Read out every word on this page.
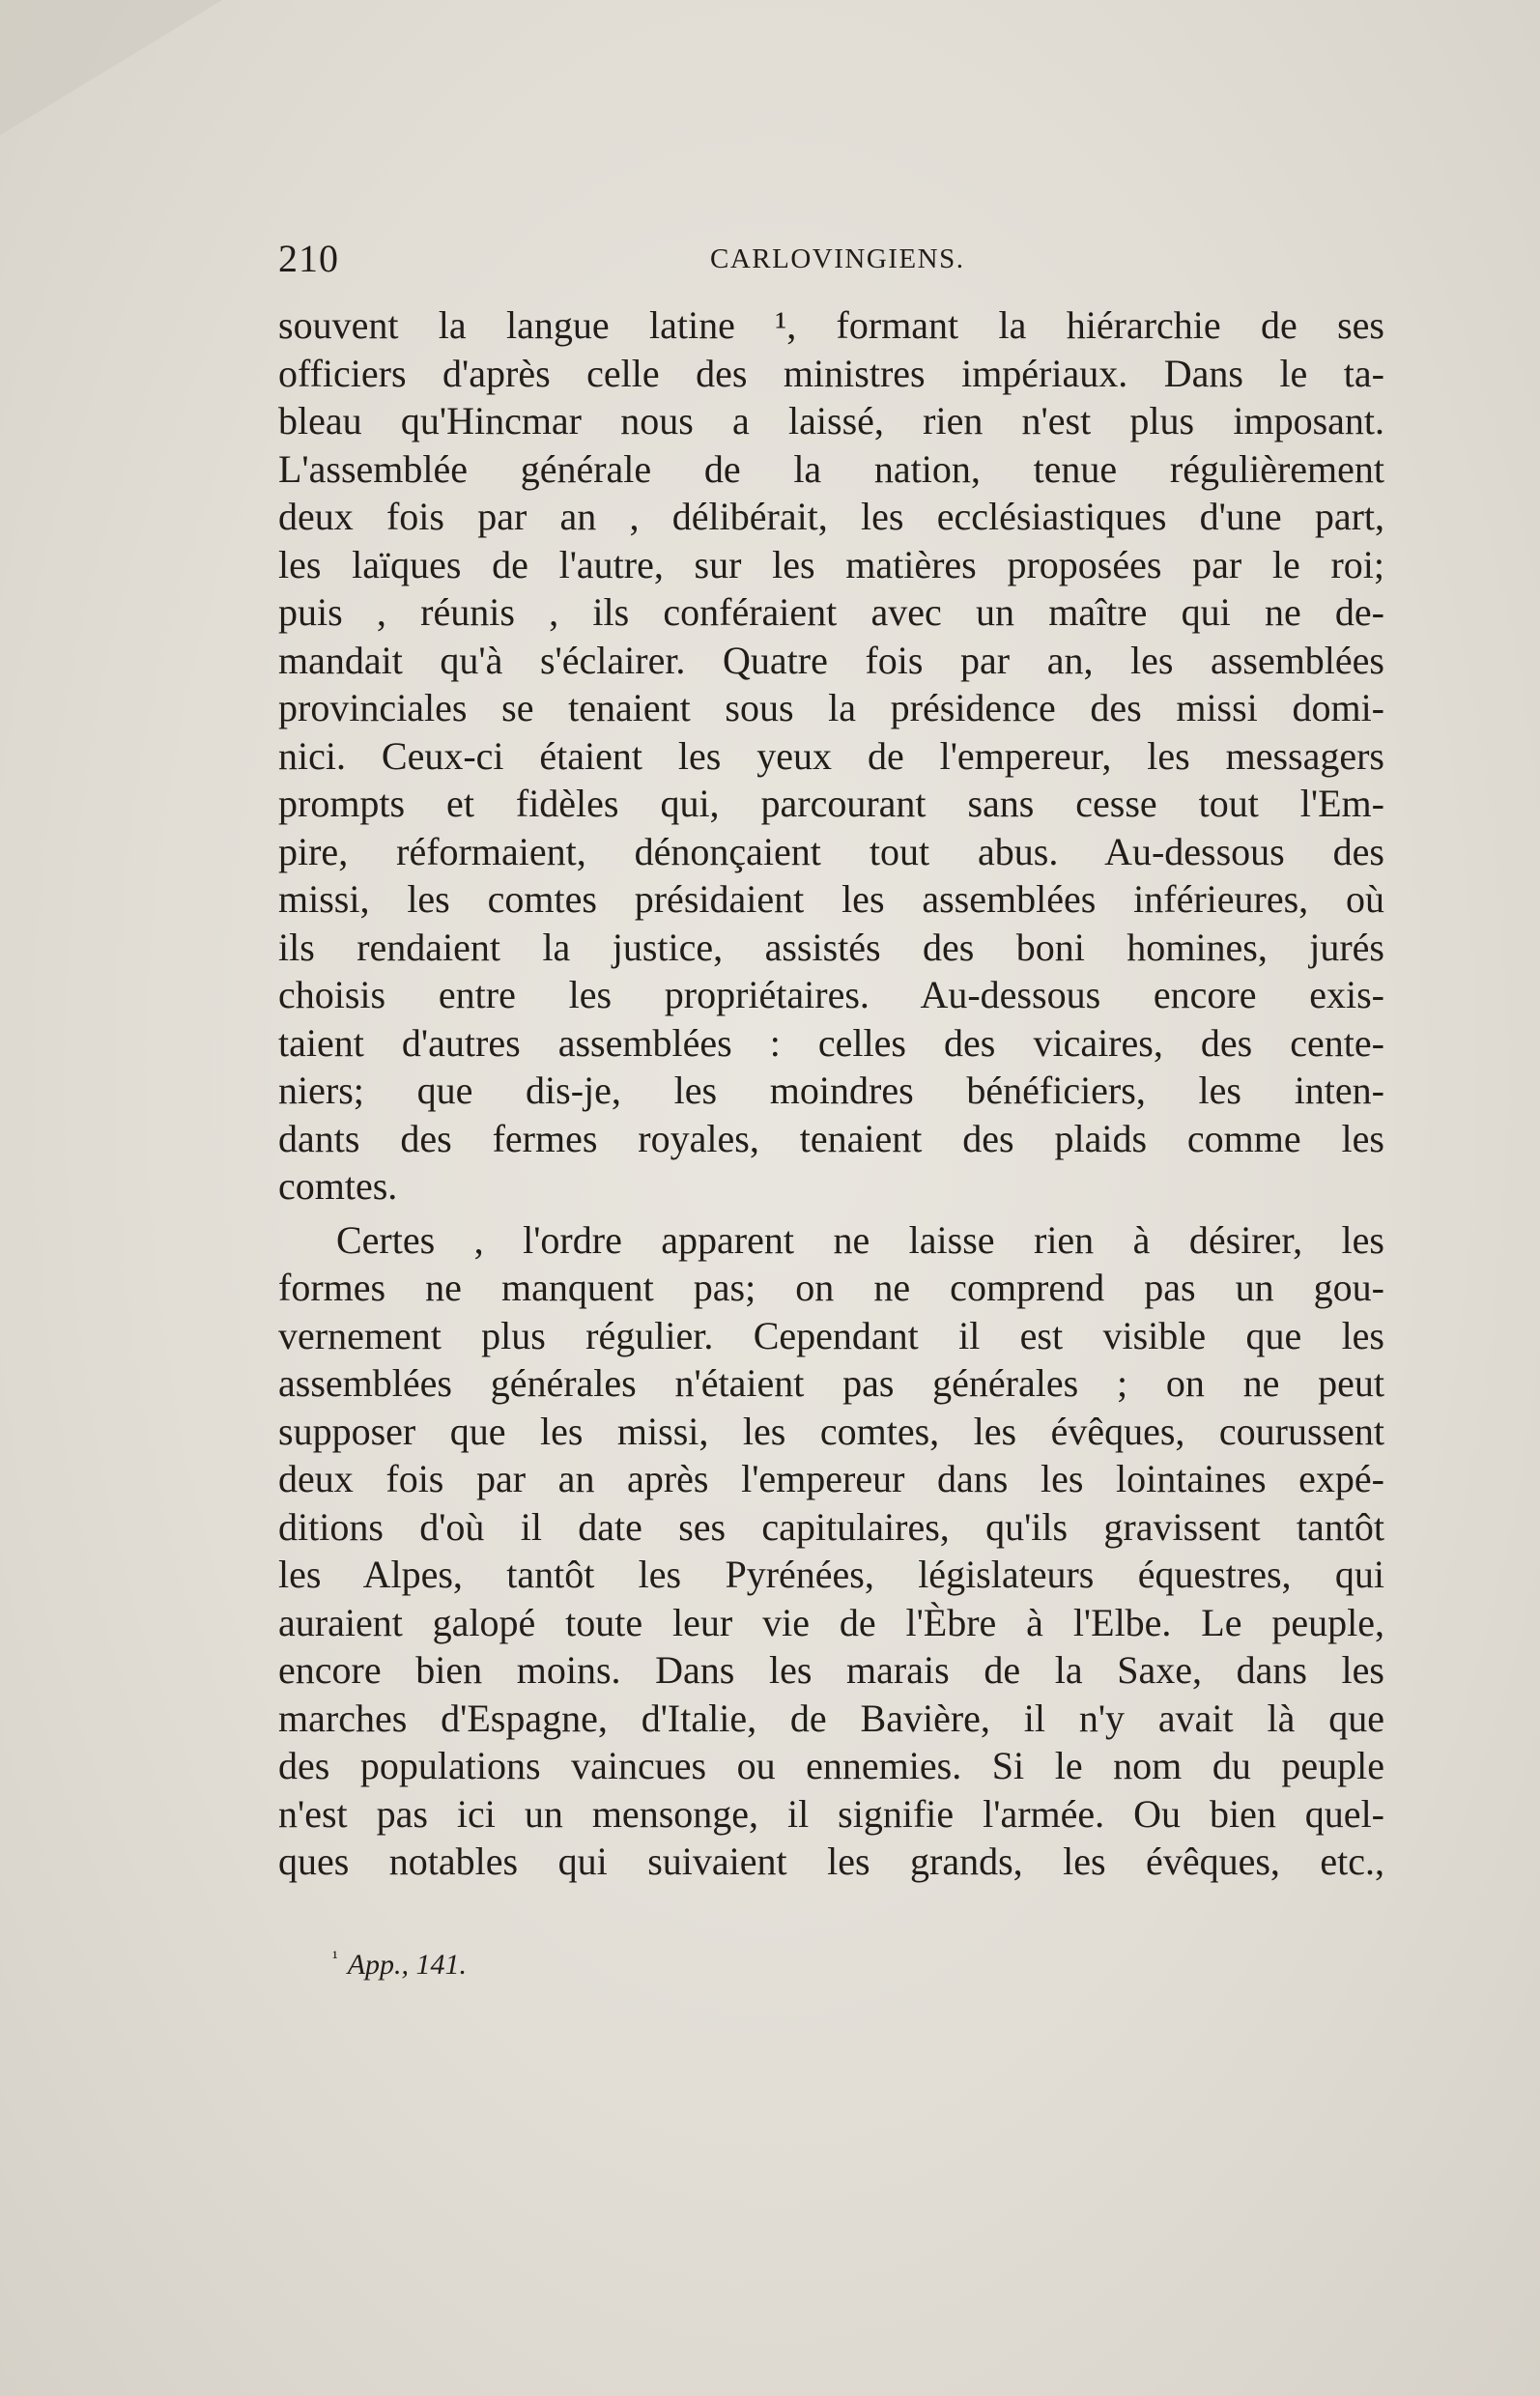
210	CARLOVINGIENS.
souvent la langue latine ¹, formant la hiérarchie de ses
officiers d'après celle des ministres impériaux. Dans le ta-
bleau qu'Hincmar nous a laissé, rien n'est plus imposant.
L'assemblée générale de la nation, tenue régulièrement
deux fois par an , délibérait, les ecclésiastiques d'une part,
les laïques de l'autre, sur les matières proposées par le roi;
puis , réunis , ils conféraient avec un maître qui ne de-
mandait qu'à s'éclairer. Quatre fois par an, les assemblées
provinciales se tenaient sous la présidence des missi domi-
nici. Ceux-ci étaient les yeux de l'empereur, les messagers
prompts et fidèles qui, parcourant sans cesse tout l'Em-
pire, réformaient, dénonçaient tout abus. Au-dessous des
missi, les comtes présidaient les assemblées inférieures, où
ils rendaient la justice, assistés des boni homines, jurés
choisis entre les propriétaires. Au-dessous encore exis-
taient d'autres assemblées : celles des vicaires, des cente-
niers; que dis-je, les moindres bénéficiers, les inten-
dants des fermes royales, tenaient des plaids comme les
comtes.
Certes , l'ordre apparent ne laisse rien à désirer, les
formes ne manquent pas; on ne comprend pas un gou-
vernement plus régulier. Cependant il est visible que les
assemblées générales n'étaient pas générales ; on ne peut
supposer que les missi, les comtes, les évêques, courussent
deux fois par an après l'empereur dans les lointaines expé-
ditions d'où il date ses capitulaires, qu'ils gravissent tantôt
les Alpes, tantôt les Pyrénées, législateurs équestres, qui
auraient galopé toute leur vie de l'Èbre à l'Elbe. Le peuple,
encore bien moins. Dans les marais de la Saxe, dans les
marches d'Espagne, d'Italie, de Bavière, il n'y avait là que
des populations vaincues ou ennemies. Si le nom du peuple
n'est pas ici un mensonge, il signifie l'armée. Ou bien quel-
ques notables qui suivaient les grands, les évêques, etc.,
$^{^1}$ App., 141.
